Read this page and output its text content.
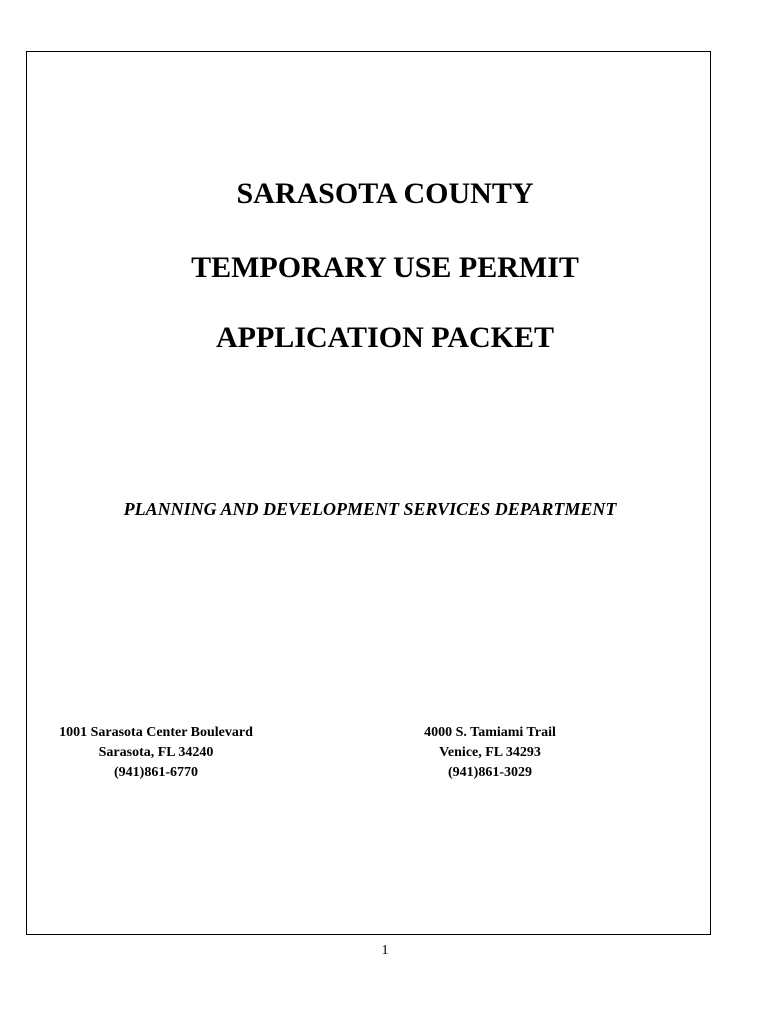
SARASOTA COUNTY
TEMPORARY USE PERMIT
APPLICATION PACKET
PLANNING AND DEVELOPMENT SERVICES DEPARTMENT
1001 Sarasota Center Boulevard
Sarasota, FL 34240
(941)861-6770
4000 S. Tamiami Trail
Venice, FL 34293
(941)861-3029
1
